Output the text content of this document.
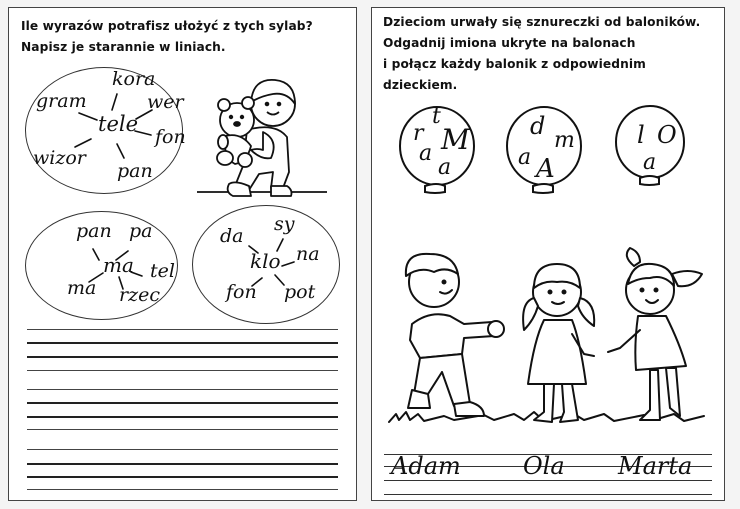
Ile wyrazów potrafisz ułożyć z tych sylab?
Napisz je starannie w liniach.
kora
gram	wer
tele
fon
wizor
pan
pan pa
ma tel
ma rzec
da
sy
na
klo
fon pot
Dzieciom urwały się sznureczki od baloników.
Odgadnij imiona ukryte na balonach
i połącz każdy balonik z odpowiednim dzieckiem.
t
r M
a
a
d
m
a A
l O
a
Adam	Ola Marta
